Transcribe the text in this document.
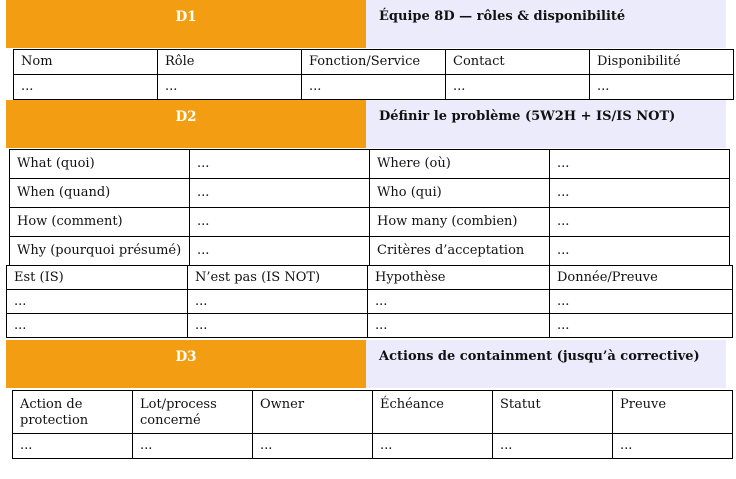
D1	Équipe 8D — rôles & disponibilité
Nom	Rôle	Fonction/Service	Contact	Disponibilité
...	...	...	...	...
D2	Définir le problème (5W2H + IS/IS NOT)
What (quoi)	...	Where (où)	...
When (quand)	...	Who (qui)	...
How (comment)	...	How many (combien)	...
Why (pourquoi présumé)	...	Critères d’acceptation	...
Est (IS)	N’est pas (IS NOT)	Hypothèse	Donnée/Preuve
...	...	...	...
...	...	...	...
D3	Actions de containment (jusqu’à corrective)
Action de protection	Lot/process concerné	Owner	Échéance	Statut	Preuve
...	...	...	...	...	...
